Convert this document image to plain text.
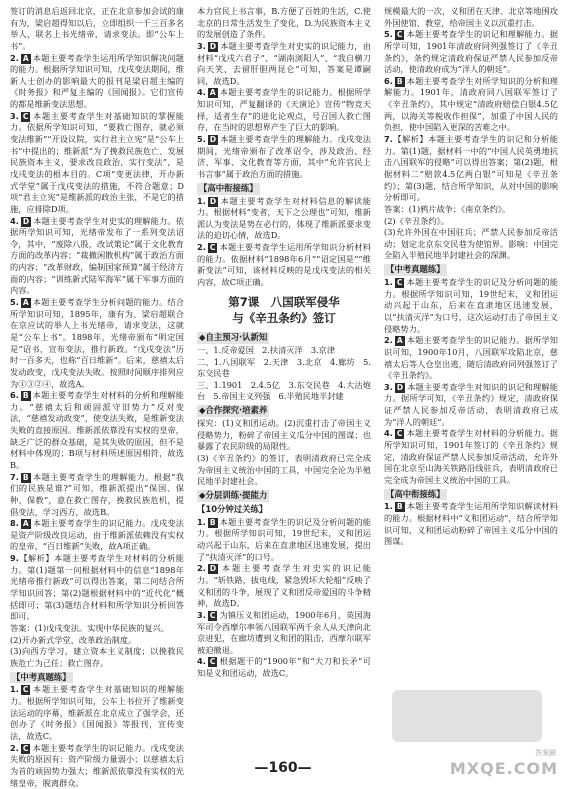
签订的消息后返回北京，正在北京参加会试的康有为，梁启超得知以后，立即组织一千三百多名举人，联名上书光绪帝，请求变法。即“公车上书”。

2. A 本题主要考查学生运用所学知识解决问题的能力。根据所学知识可知，戊戌变法期间，维新人士创办的影响最大的报刊是梁启超主编的《时务报》和严复主编的《国闻报》。它们宣传的都是维新变法思想。

3. C 本题主要考查学生对基础知识的掌握能力。依据所学知识可知，“要救亡图存，就必须变法维新”“开设议院，实行君主立宪”是“公车上书”中提出的；维新派“为了挽救民族危亡、发展民族资本主义，要求改良政治，实行变法”，是戊戌变法的根本目的。C项“变更法律，开办新式学堂”属于戊戌变法的措施，不符合题意；D项“君主立宪”是维新派的政治主张，不是它的措施，应排除D项。

4. D 本题主要考查学生对史实的理解能力。依据所学知识可知，光绪帝发布了一系列变法诏令，其中，“废除八股，改试策论”属于文化教育方面的改革内容；“裁撤闲散机构”属于政治方面的内容；“改革财政，编制国家预算”属于经济方面的内容；“训练新式陆军海军”属于军事方面的内容。

5. A 本题主要考查学生分析问题的能力。结合所学知识可知，1895年，康有为、梁启超联合在京应试的举人上书光绪帝，请求变法，这就是“公车上书”。1898年，光绪帝颁布“明定国是”诏书，宣布变法，推行新政。“戊戌变法”历时一百多天，也称“百日维新”。后来，慈禧太后发动政变，戊戌变法失败。按照时间顺序排列应为①③②④，故选A。

6. B 本题主要考查学生对材料的分析和理解能力。“慈禧太后和顽固派守旧势力”反对变法，“慈禧发动政变”，使变法失败，是维新变法失败的直接原因。维新派依靠没有实权的皇帝，缺乏广泛的群众基础，是其失败的原因，但不是材料中体现的；B项与材料所述原因相符，故选B。

7. B 本题主要考查学生的理解能力。根据“我们的民族是谁?”可知，维新派提出“保国、保种、保教”，意在救亡图存，挽救民族危机，提倡变法，学习西方，故选B。

8. A 本题主要考查学生的识记能力。戊戌变法是资产阶级改良运动，由于维新派依赖没有实权的皇帝，“百日维新”失败，故A项正确。

9.【解析】本题主要考查学生对材料的分析能力。第(1)题第一问根据材料中的信息“1898年光绪帝推行新政”可以得出答案，第二问结合所学知识回答；第(2)题根据材料中的“近代化”概括即可；第(3)题结合材料和所学知识分析回答即可。

答案：(1)戊戌变法。实现中华民族的复兴。

(2)开办新式学堂，改革政治制度。

(3)向西方学习，建立资本主义制度；以挽救民族危亡为己任；救亡图存。

【中考真题练】

1. C 本题主要考查学生对基础知识的理解能力。根据所学知识可知，公车上书拉开了维新变法运动的序幕，维新派在北京成立了强学会，还创办了《时务报》《国闻报》等报刊，宣传变法，故选C。

2. C 本题主要考查学生的识记能力。戊戌变法失败的原因有：资产阶级力量弱小；以慈禧太后为首的顽固势力强大；维新派依靠没有实权的光绪皇帝，脱离群众。

本力官民上书言事，B.方便了百姓的生活，C.使北京的日常生活发生了变化，D.为民族资本主义的发展创造了条件。

3. D 本题主要考查学生对史实的识记能力，由材料“戊戌六君子”、“湖南浏阳人”、“我自横刀向天笑，去留肝胆两昆仑”可知，答案是谭嗣同，故选D。

4. A 本题主要考查学生的识记能力。根据所学知识可知，严复翻译的《天演论》宣传“物竞天择，适者生存”的进化论观点，号召国人救亡图存，在当时的思想界产生了巨大的影响。

5. D 本题主要考查学生的理解能力。戊戌变法期间，光绪帝颁布了改革诏令，涉及政治、经济、军事、文化教育等方面，其中“允许官民上书言事”属于政治方面的措施。

【高中衔接练】

1. D 本题主要考查学生对材料信息的解读能力。根据材料“变者，天下之公理也”可知，维新派认为变法是势在必行的，体现了维新派要求变法的迫切心情，故选D。

2. C 本题主要考查学生运用所学知识分析材料的能力。依据材料“1898年6月”“诏定国是”“维新变法”可知，该材料反映的是戊戌变法的相关内容，故C项正确。

第7课　八国联军侵华
与《辛丑条约》签订
◆自主预习·认新知

一、1.反帝爱国　2.扶清灭洋　3.京津

二、1.八国联军　2.天津　3.北京　4.廊坊　5.东交民巷

三、1.1901　2.4.5亿　3.东交民巷　4.大沽炮台　5.帝国主义列强　6.半殖民地半封建

◆合作探究·培素养

探究：(1)义和团运动。(2)沉重打击了帝国主义侵略势力，粉碎了帝国主义瓜分中国的图谋；也暴露了农民阶级的局限性。

(3)《辛丑条约》的签订，表明清政府已完全成为帝国主义统治中国的工具，中国完全沦为半殖民地半封建社会。

◆分层训练·提能力
【10分钟过关练】

1. B 本题主要考查学生的识记及分析问题的能力。根据所学知识可知，19世纪末，义和团运动兴起于山东，后来在直隶地区迅速发展，提出了“扶清灭洋”的口号。

2. D 本题主要考查学生对史实的识记能力。“斩铁路，拔电线，紧急毁坏大轮船”反映了义和团的斗争，展现了义和团反帝爱国的斗争精神，故选D。

3. C 为镇压义和团运动，1900年6月，英国海军司令西摩尔率领八国联军两千余人从天津向北京进犯，在廊坊遭到义和团的阻击，西摩尔联军被迫撤退。

4. C 根据题干的“1900年”和“大刀和长矛”可知是义和团运动，故选C。

规模最大的一次，义和团在天津、北京等地围攻外国使馆、教堂，给帝国主义以沉重打击。

5. C 本题主要考查学生的识记和理解能力。据所学可知，1901年清政府同列强签订了《辛丑条约》，条约规定清政府保证严禁人民参加反帝活动，使清政府成为“洋人的朝廷”。

6. B 本题主要考查学生对所学知识的分析和理解能力。1901年，清政府同八国联军签订了《辛丑条约》，其中规定“清政府赔偿白银4.5亿两，以海关等税收作担保”，加重了中国人民的负担，使中国陷入更深的苦难之中。

7.【解析】本题主要考查学生的识记和分析能力。第(1)题，据材料一中的“中国人民英勇地抗击八国联军的侵略”可以得出答案；第(2)题，根据材料二“赔款4.5亿两白银”可知是《辛丑条约》；第(3)题，结合所学知识，从对中国的影响分析即可。

答案：(1)鸦片战争；《南京条约》。

(2)《辛丑条约》。

(3)允许外国在中国驻兵；严禁人民参加反帝活动；划定北京东交民巷为使馆界。影响：中国完全陷入半殖民地半封建社会的深渊。

【中考真题练】

1. C 本题主要考查学生的识记及分析问题的能力。根据所学知识可知，19世纪末，义和团运动兴起于山东，后来在直隶地区迅速发展，以“扶清灭洋”为口号，这次运动打击了帝国主义侵略势力。

2. A 本题主要考查学生的识记能力。据所学知识可知，1900年10月，八国联军攻陷北京，慈禧太后等人仓皇出逃，随后清政府同列强签订了《辛丑条约》。

3. D 本题主要考查学生对知识的识记和理解能力。据所学可知，《辛丑条约》规定，清政府保证严禁人民参加反帝活动，表明清政府已成为“洋人的朝廷”。

4. C 本题主要考查学生对材料的分析能力。据所学知识可知，1901年签订的《辛丑条约》规定，清政府保证严禁人民参加反帝活动，允许外国在北京至山海关铁路沿线驻兵，表明清政府已完全成为帝国主义统治中国的工具。

【高中衔接练】

1. B 本题主要考查学生运用所学知识解读材料的能力。根据材料中“义和团运动”，结合所学知识可知，义和团运动粉碎了帝国主义瓜分中国的图谋。

答案圈
—160—	MXQE.COM
